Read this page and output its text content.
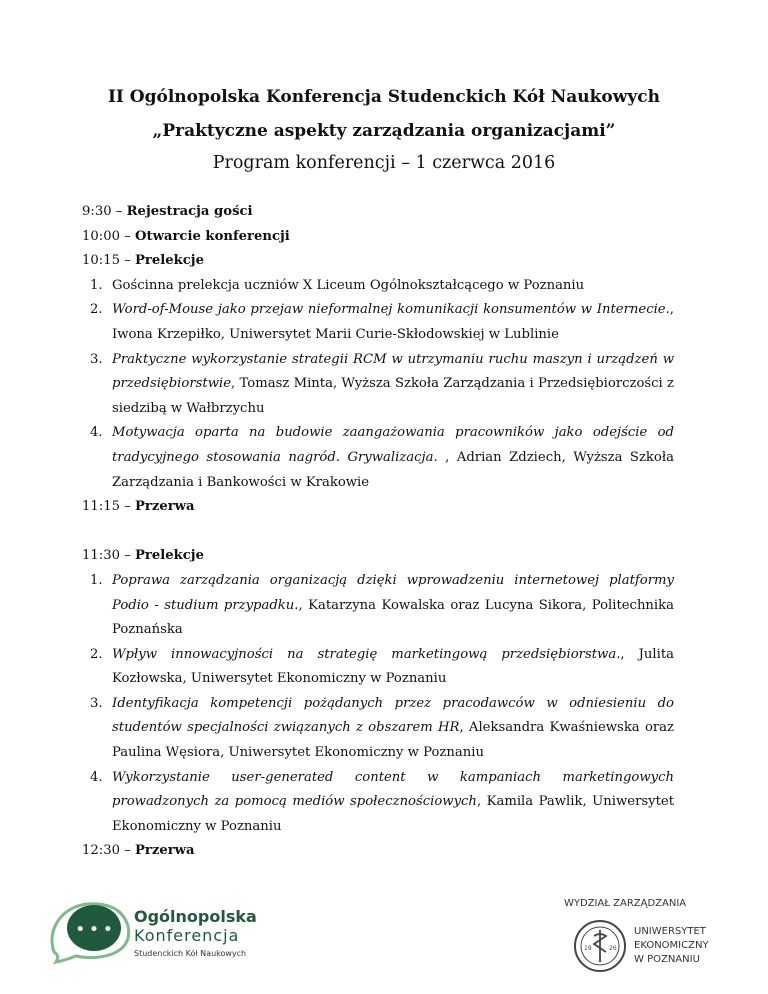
II Ogólnopolska Konferencja Studenckich Kół Naukowych
„Praktyczne aspekty zarządzania organizacjami”
Program konferencji – 1 czerwca 2016
9:30 – Rejestracja gości
10:00 – Otwarcie konferencji
10:15 – Prelekcje
1. Gościnna prelekcja uczniów X Liceum Ogólnokształcącego w Poznaniu
2. Word-of-Mouse jako przejaw nieformalnej komunikacji konsumentów w Internecie., Iwona Krzepiłko, Uniwersytet Marii Curie-Skłodowskiej w Lublinie
3. Praktyczne wykorzystanie strategii RCM w utrzymaniu ruchu maszyn i urządzeń w przedsiębiorstwie, Tomasz Minta, Wyższa Szkoła Zarządzania i Przedsiębiorczości z siedzibą w Wałbrzychu
4. Motywacja oparta na budowie zaangażowania pracowników jako odejście od tradycyjnego stosowania nagród. Grywalizacja. , Adrian Zdziech, Wyższa Szkoła Zarządzania i Bankowości w Krakowie
11:15 – Przerwa
11:30 – Prelekcje
1. Poprawa zarządzania organizacją dzięki wprowadzeniu internetowej platformy Podio - studium przypadku., Katarzyna Kowalska oraz Lucyna Sikora, Politechnika Poznańska
2. Wpływ innowacyjności na strategię marketingową przedsiębiorstwa., Julita Kozłowska, Uniwersytet Ekonomiczny w Poznaniu
3. Identyfikacja kompetencji pożądanych przez pracodawców w odniesieniu do studentów specjalności związanych z obszarem HR, Aleksandra Kwaśniewska oraz Paulina Węsiora, Uniwersytet Ekonomiczny w Poznaniu
4. Wykorzystanie user-generated content w kampaniach marketingowych prowadzonych za pomocą mediów społecznościowych, Kamila Pawlik, Uniwersytet Ekonomiczny w Poznaniu
12:30 – Przerwa
• • •
Ogólnopolska
Konferencja
Studenckich Kół Naukowych
WYDZIAŁ ZARZĄDZANIA
19	26
UNIWERSYTET
EKONOMICZNY
W POZNANIU
